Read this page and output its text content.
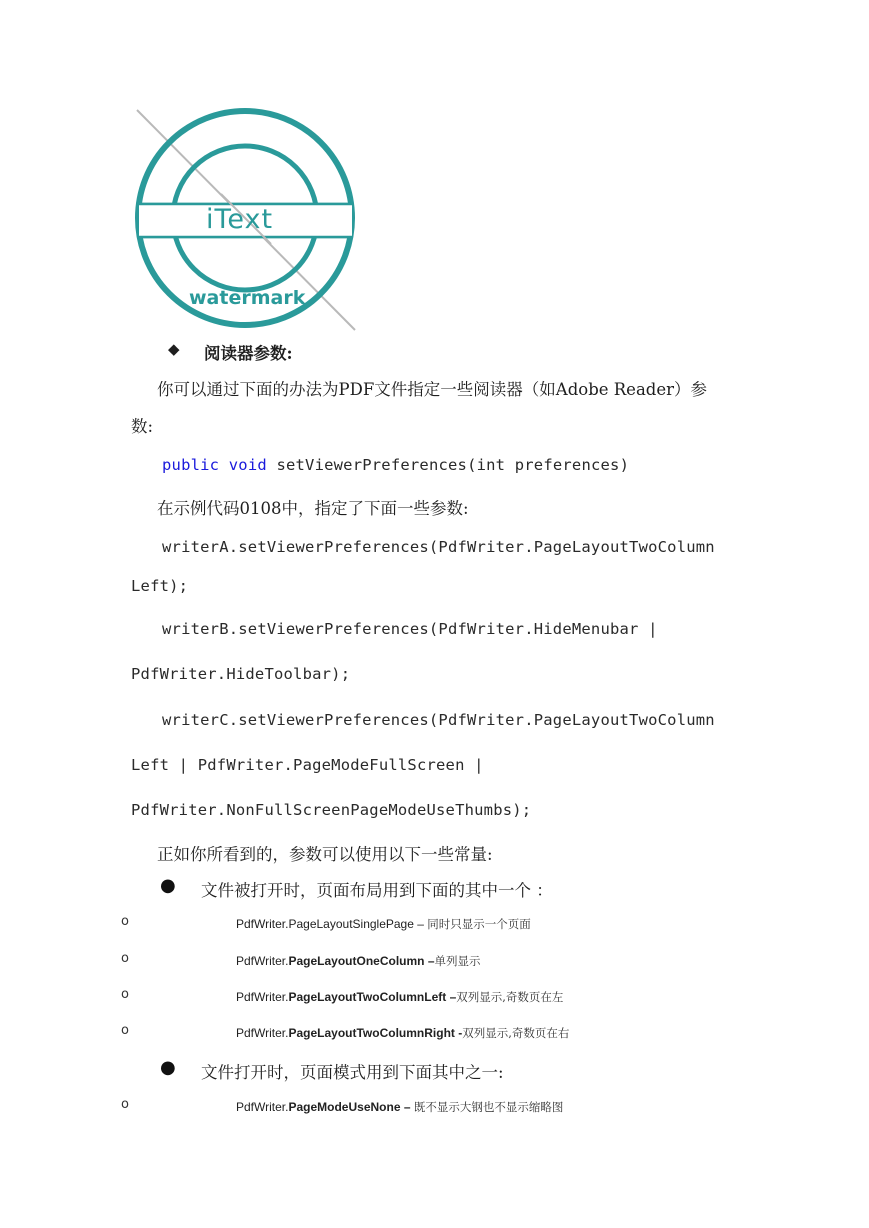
iText
watermark
◆ 阅读器参数:
你可以通过下面的办法为PDF文件指定一些阅读器（如Adobe Reader）参
数:
public void setViewerPreferences(int preferences)
在示例代码0108中，指定了下面一些参数:
writerA.setViewerPreferences(PdfWriter.PageLayoutTwoColumn
Left);
writerB.setViewerPreferences(PdfWriter.HideMenubar |
PdfWriter.HideToolbar);
writerC.setViewerPreferences(PdfWriter.PageLayoutTwoColumn
Left | PdfWriter.PageModeFullScreen |
PdfWriter.NonFullScreenPageModeUseThumbs);
正如你所看到的，参数可以使用以下一些常量:
● 文件被打开时，页面布局用到下面的其中一个 ：
o	PdfWriter.PageLayoutSinglePage – 同时只显示一个页面
o	PdfWriter.PageLayoutOneColumn –单列显示
o	PdfWriter.PageLayoutTwoColumnLeft –双列显示,奇数页在左
o	PdfWriter.PageLayoutTwoColumnRight -双列显示,奇数页在右
● 文件打开时，页面模式用到下面其中之一:
o	PdfWriter.PageModeUseNone – 既不显示大钢也不显示缩略图
